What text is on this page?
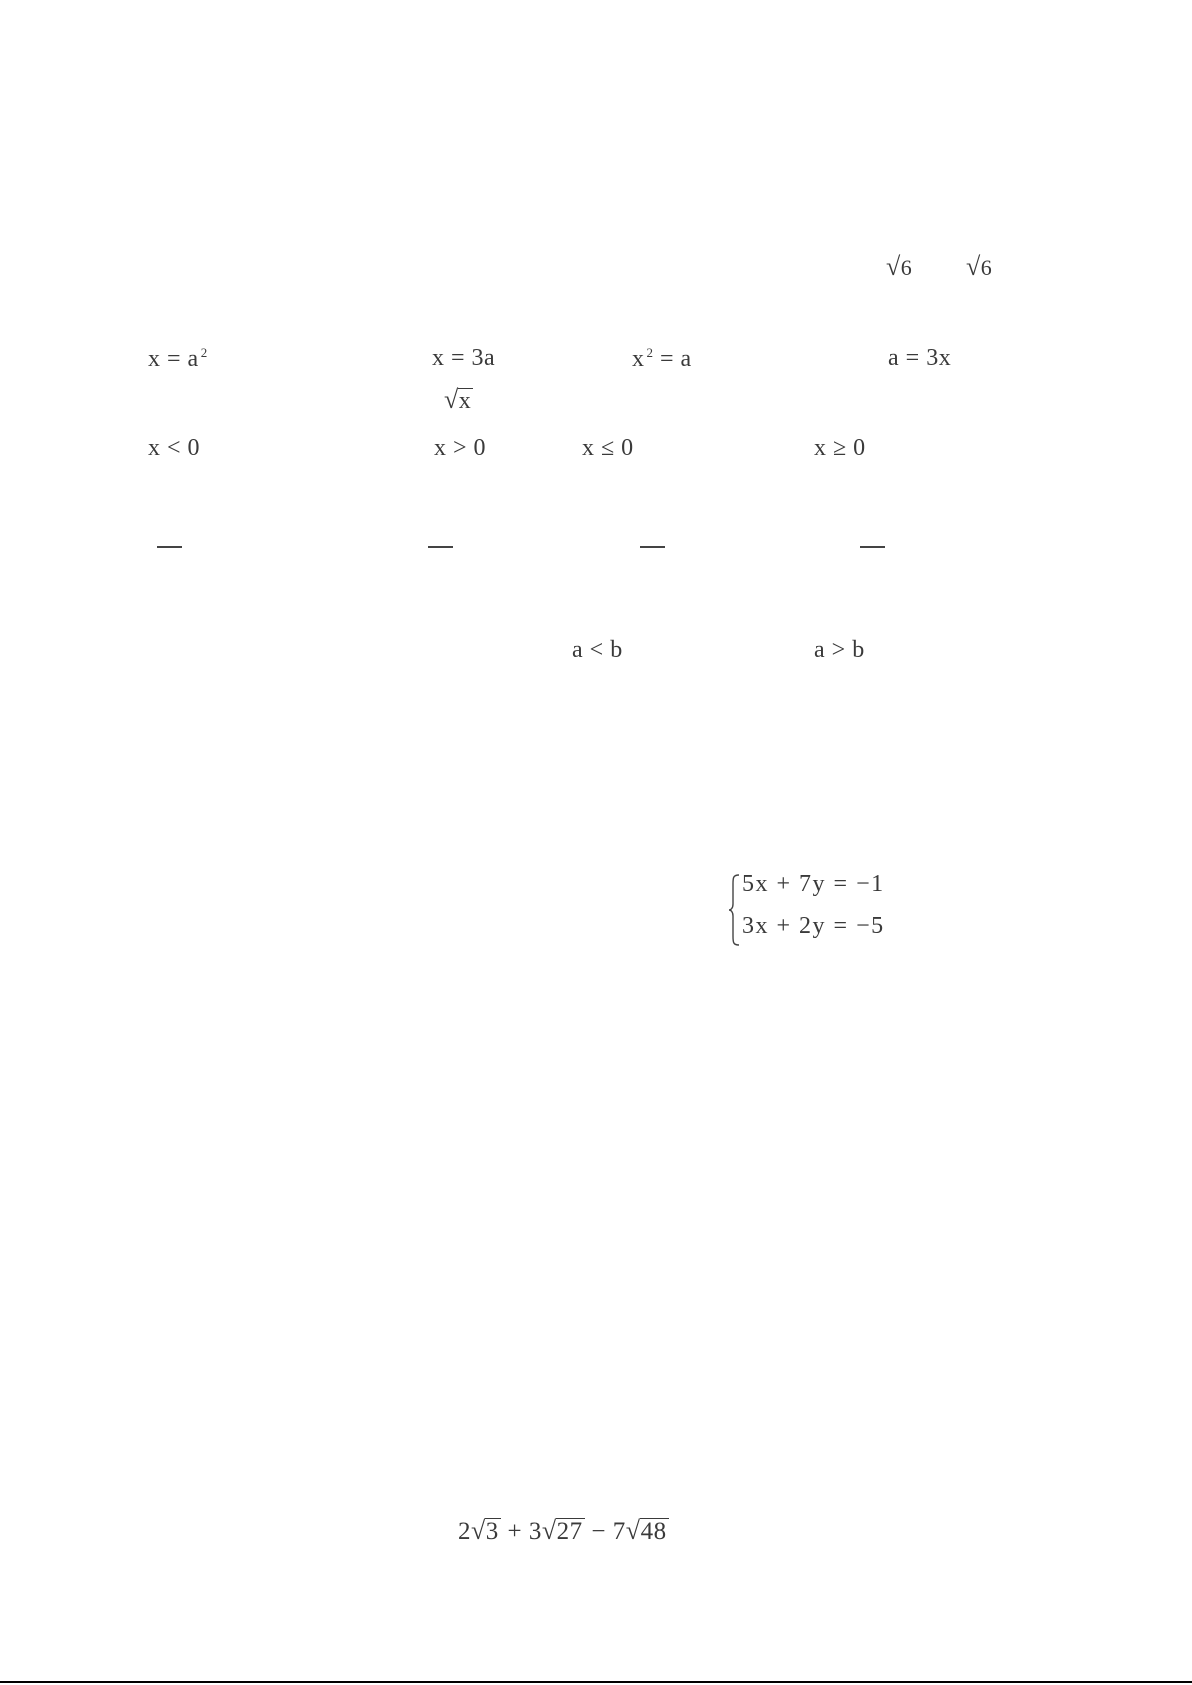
√6 √6
x = a $^2$	x = 3a	x $^2$ = a	a = 3x
√x
x < 0	x > 0	x ≤ 0	x ≥ 0
a < b	a > b
5x + 7y = −1
3x + 2y = −5
2√3 + 3√27 − 7√48
